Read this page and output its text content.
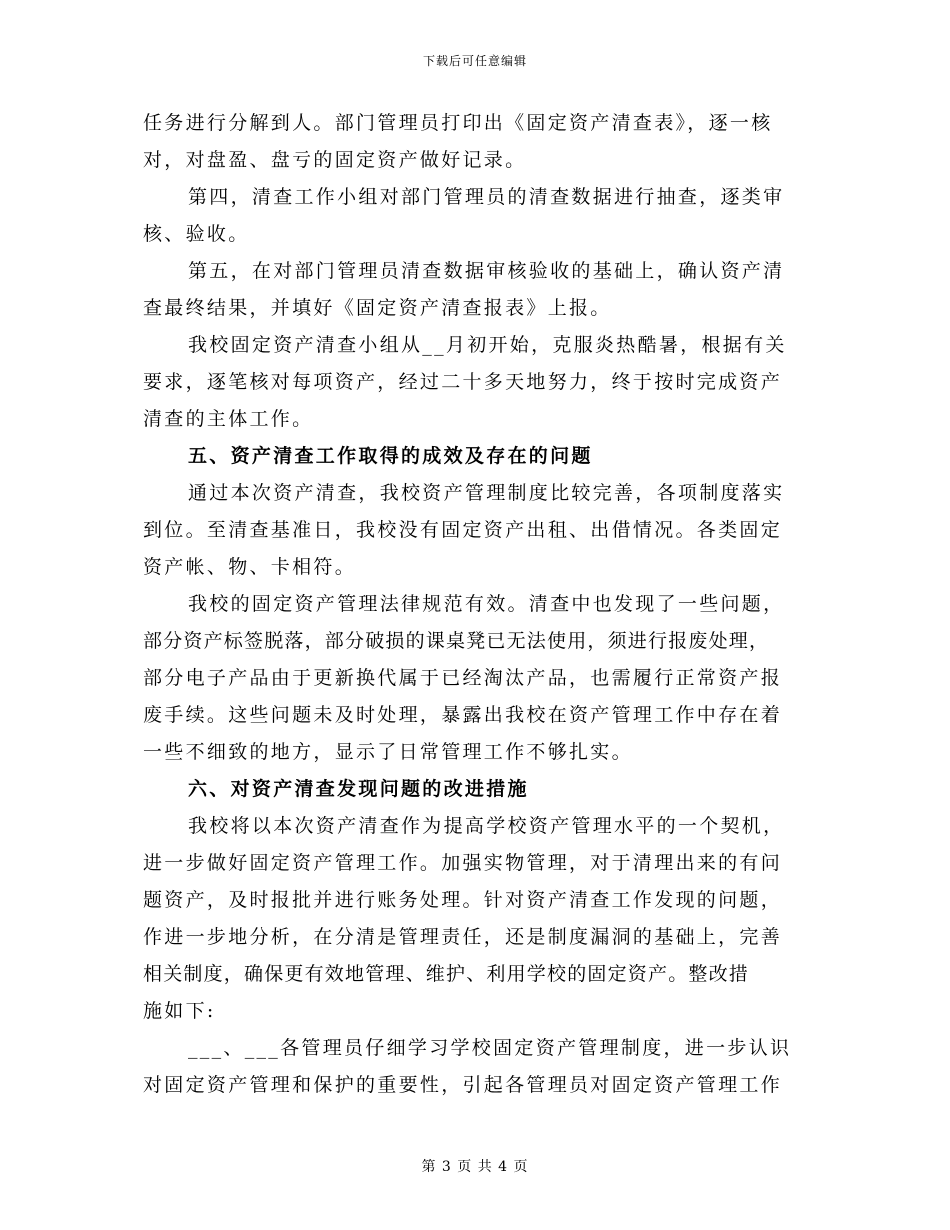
下载后可任意编辑
任务进行分解到人。部门管理员打印出《固定资产清查表》，逐一核
对，对盘盈、盘亏的固定资产做好记录。
第四，清查工作小组对部门管理员的清查数据进行抽查，逐类审
核、验收。
第五，在对部门管理员清查数据审核验收的基础上，确认资产清
查最终结果，并填好《固定资产清查报表》上报。
我校固定资产清查小组从__月初开始，克服炎热酷暑，根据有关
要求，逐笔核对每项资产，经过二十多天地努力，终于按时完成资产
清查的主体工作。
五、资产清查工作取得的成效及存在的问题
通过本次资产清查，我校资产管理制度比较完善，各项制度落实
到位。至清查基准日，我校没有固定资产出租、出借情况。各类固定
资产帐、物、卡相符。
我校的固定资产管理法律规范有效。清查中也发现了一些问题，
部分资产标签脱落，部分破损的课桌凳已无法使用，须进行报废处理，
部分电子产品由于更新换代属于已经淘汰产品，也需履行正常资产报
废手续。这些问题未及时处理，暴露出我校在资产管理工作中存在着
一些不细致的地方，显示了日常管理工作不够扎实。
六、对资产清查发现问题的改进措施
我校将以本次资产清查作为提高学校资产管理水平的一个契机，
进一步做好固定资产管理工作。加强实物管理，对于清理出来的有问
题资产，及时报批并进行账务处理。针对资产清查工作发现的问题，
作进一步地分析，在分清是管理责任，还是制度漏洞的基础上，完善
相关制度，确保更有效地管理、维护、利用学校的固定资产。整改措
施如下:
___、___各管理员仔细学习学校固定资产管理制度，进一步认识
对固定资产管理和保护的重要性，引起各管理员对固定资产管理工作
第 3 页 共 4 页
